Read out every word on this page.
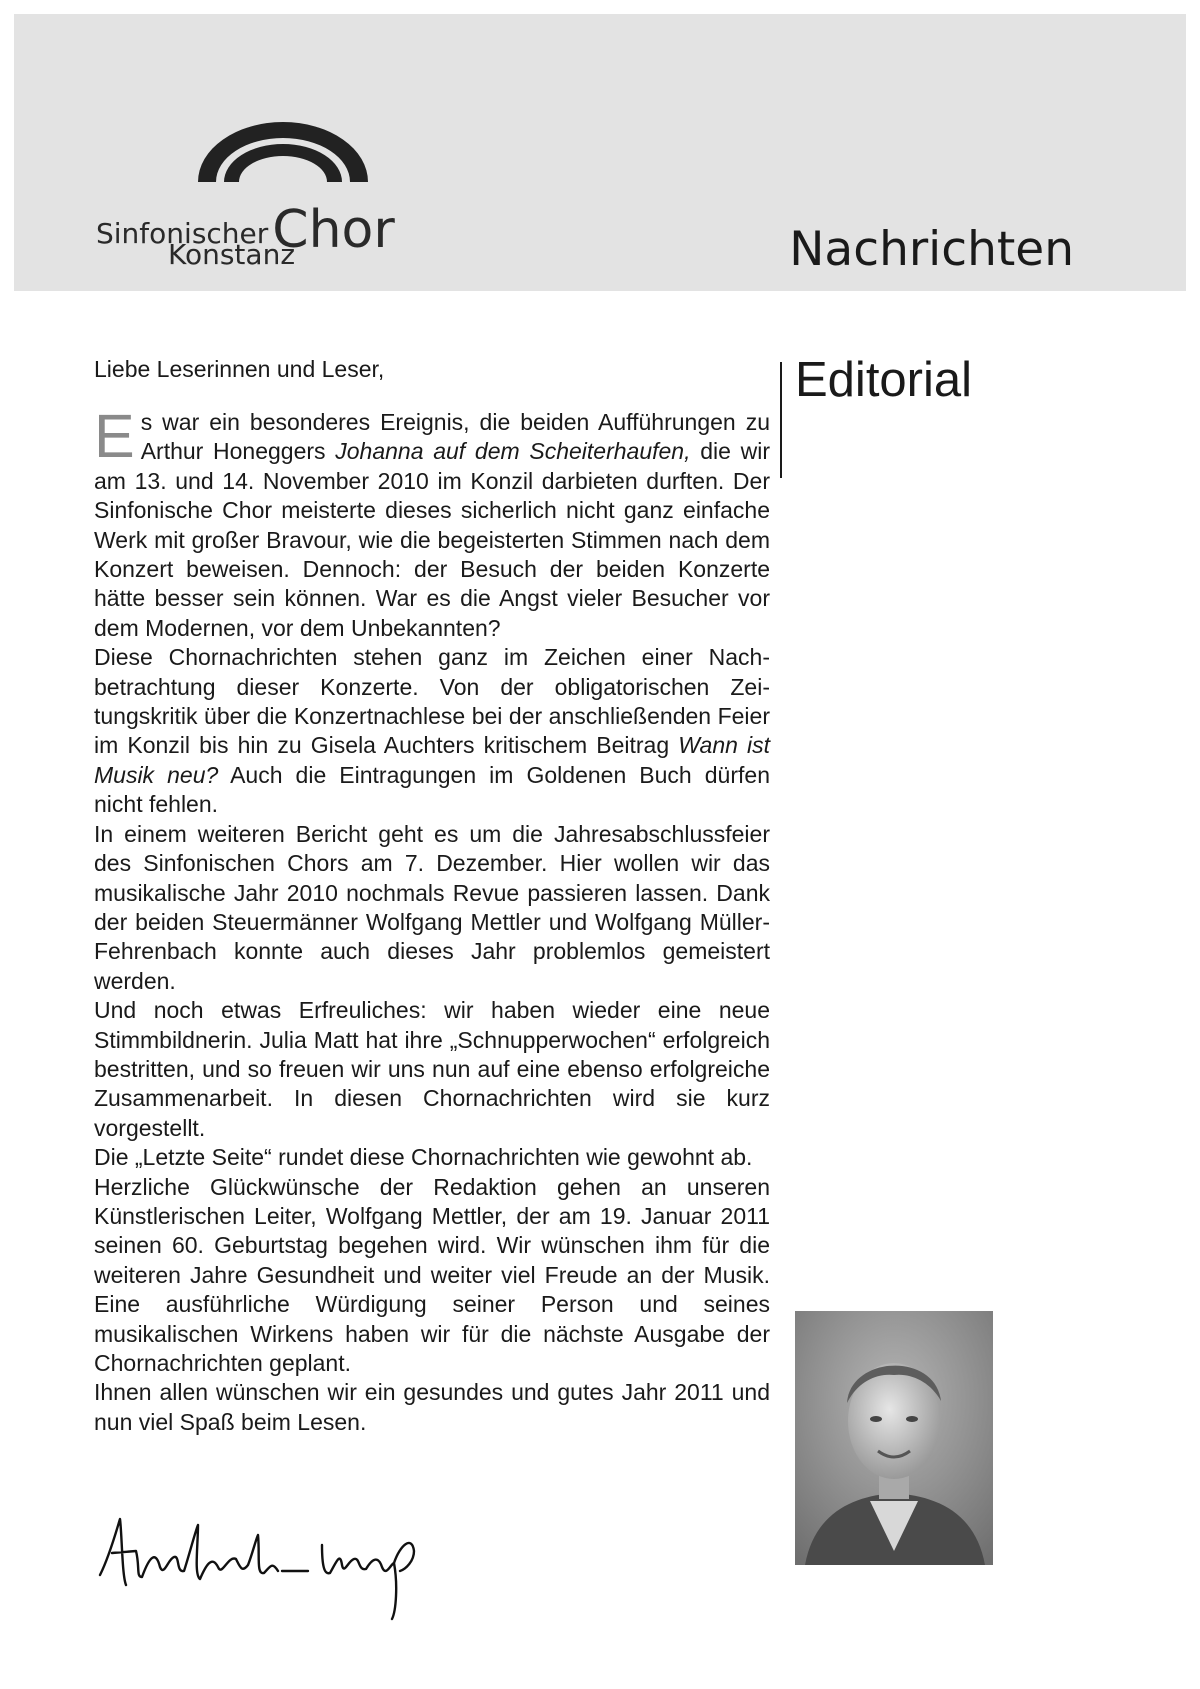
SinfonischerChor
Konstanz	Nachrichten
Editorial
Liebe Leserinnen und Leser,

Es war ein besonderes Ereignis, die beiden Aufführungen zu Arthur Honeggers Johanna auf dem Scheiterhaufen, die wir am 13. und 14. November 2010 im Konzil darbieten durften. Der Sinfonische Chor meisterte dieses sicherlich nicht ganz einfache Werk mit großer Bravour, wie die begeisterten Stimmen nach dem Konzert beweisen. Dennoch: der Besuch der beiden Konzerte hätte besser sein können. War es die Angst vieler Besucher vor dem Modernen, vor dem Unbekannten?

Diese Chornachrichten stehen ganz im Zeichen einer Nachbetrachtung dieser Konzerte. Von der obligatorischen Zeitungskritik über die Konzertnachlese bei der anschließenden Feier im Konzil bis hin zu Gisela Auchters kritischem Beitrag Wann ist Musik neu? Auch die Eintragungen im Goldenen Buch dürfen nicht fehlen.

In einem weiteren Bericht geht es um die Jahresabschlussfeier des Sinfonischen Chors am 7. Dezember. Hier wollen wir das musikalische Jahr 2010 nochmals Revue passieren lassen. Dank der beiden Steuermänner Wolfgang Mettler und Wolfgang Müller-Fehrenbach konnte auch dieses Jahr problemlos gemeistert werden.

Und noch etwas Erfreuliches: wir haben wieder eine neue Stimmbildnerin. Julia Matt hat ihre „Schnupperwochen“ erfolgreich bestritten, und so freuen wir uns nun auf eine ebenso erfolgreiche Zusammenarbeit. In diesen Chornachrichten wird sie kurz vorgestellt.

Die „Letzte Seite“ rundet diese Chornachrichten wie gewohnt ab.

Herzliche Glückwünsche der Redaktion gehen an unseren Künstlerischen Leiter, Wolfgang Mettler, der am 19. Januar 2011 seinen 60. Geburtstag begehen wird. Wir wünschen ihm für die weiteren Jahre Gesundheit und weiter viel Freude an der Musik. Eine ausführliche Würdigung seiner Person und seines musikalischen Wirkens haben wir für die nächste Ausgabe der Chornachrichten geplant.

Ihnen allen wünschen wir ein gesundes und gutes Jahr 2011 und nun viel Spaß beim Lesen.
